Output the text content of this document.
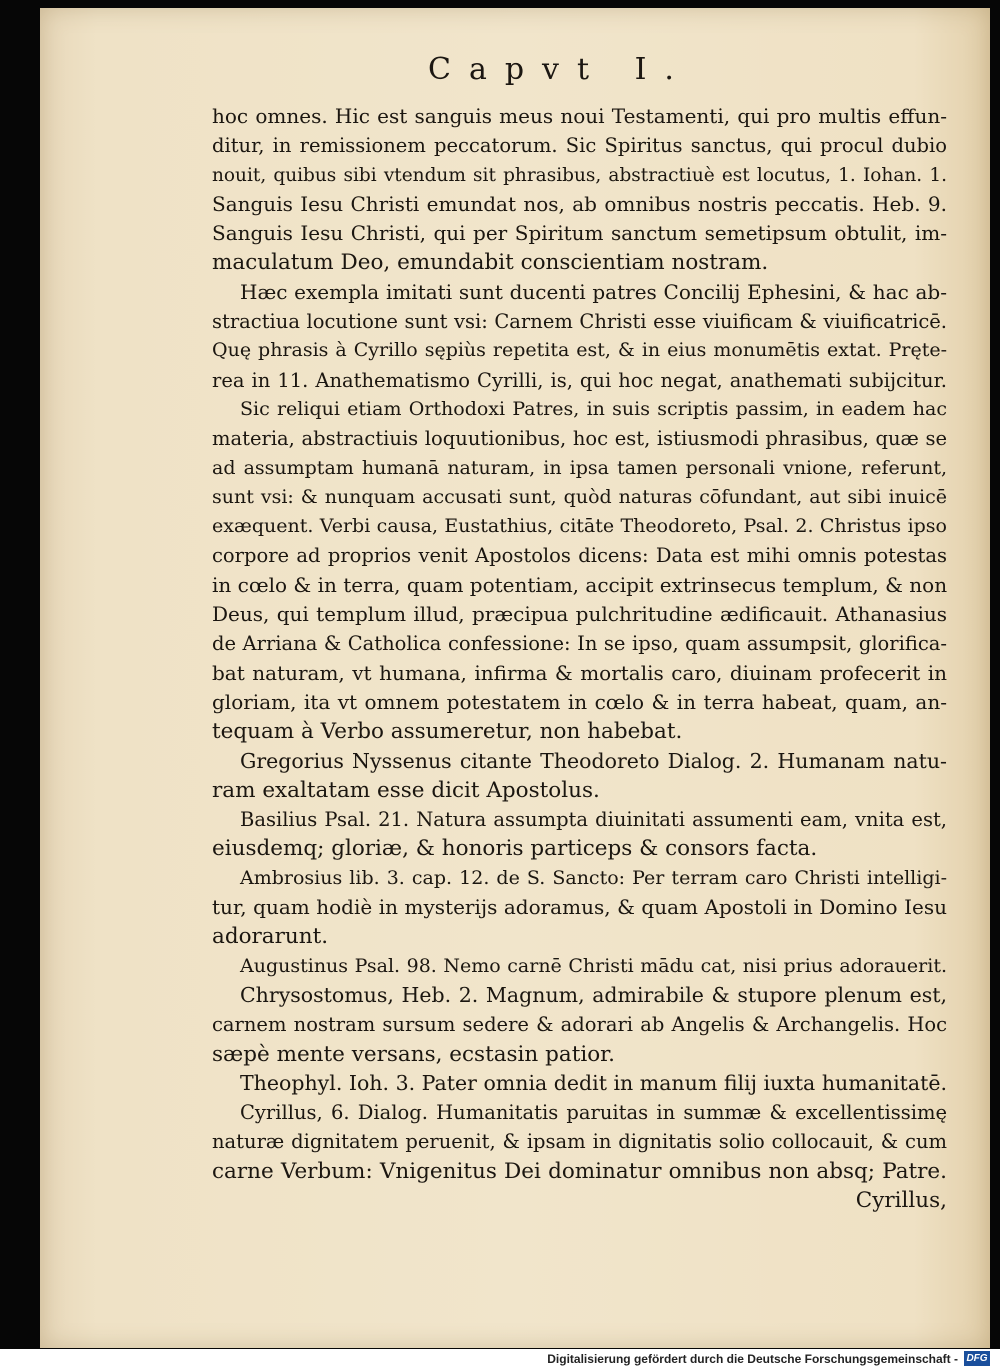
Capvt I.
hoc omnes. Hic est sanguis meus noui Testamenti, qui pro multis effun-
ditur, in remissionem peccatorum. Sic Spiritus sanctus, qui procul dubio
nouit, quibus sibi vtendum sit phrasibus, abstractiuè est locutus, 1. Iohan. 1.
Sanguis Iesu Christi emundat nos, ab omnibus nostris peccatis. Heb. 9.
Sanguis Iesu Christi, qui per Spiritum sanctum semetipsum obtulit, im-
maculatum Deo, emundabit conscientiam nostram.
Hæc exempla imitati sunt ducenti patres Concilij Ephesini, & hac ab-
stractiua locutione sunt vsi: Carnem Christi esse viuificam & viuificatricē.
Quę phrasis à Cyrillo sępiùs repetita est, & in eius monumētis extat. Pręte-
rea in 11. Anathematismo Cyrilli, is, qui hoc negat, anathemati subijcitur.
Sic reliqui etiam Orthodoxi Patres, in suis scriptis passim, in eadem hac
materia, abstractiuis loquutionibus, hoc est, istiusmodi phrasibus, quæ se
ad assumptam humanā naturam, in ipsa tamen personali vnione, referunt,
sunt vsi: & nunquam accusati sunt, quòd naturas cōfundant, aut sibi inuicē
exæquent. Verbi causa, Eustathius, citāte Theodoreto, Psal. 2. Christus ipso
corpore ad proprios venit Apostolos dicens: Data est mihi omnis potestas
in cœlo & in terra, quam potentiam, accipit extrinsecus templum, & non
Deus, qui templum illud, præcipua pulchritudine ædificauit. Athanasius
de Arriana & Catholica confessione: In se ipso, quam assumpsit, glorifica-
bat naturam, vt humana, infirma & mortalis caro, diuinam profecerit in
gloriam, ita vt omnem potestatem in cœlo & in terra habeat, quam, an-
tequam à Verbo assumeretur, non habebat.
Gregorius Nyssenus citante Theodoreto Dialog. 2. Humanam natu-
ram exaltatam esse dicit Apostolus.
Basilius Psal. 21. Natura assumpta diuinitati assumenti eam, vnita est,
eiusdemq; gloriæ, & honoris particeps & consors facta.
Ambrosius lib. 3. cap. 12. de S. Sancto: Per terram caro Christi intelligi-
tur, quam hodiè in mysterijs adoramus, & quam Apostoli in Domino Iesu
adorarunt.
Augustinus Psal. 98. Nemo carnē Christi mādu cat, nisi prius adorauerit.
Chrysostomus, Heb. 2. Magnum, admirabile & stupore plenum est,
carnem nostram sursum sedere & adorari ab Angelis & Archangelis. Hoc
sæpè mente versans, ecstasin patior.
Theophyl. Ioh. 3. Pater omnia dedit in manum filij iuxta humanitatē.
Cyrillus, 6. Dialog. Humanitatis paruitas in summæ & excellentissimę
naturæ dignitatem peruenit, & ipsam in dignitatis solio collocauit, & cum
carne Verbum: Vnigenitus Dei dominatur omnibus non absq; Patre.
Cyrillus,
Digitalisierung gefördert durch die Deutsche Forschungsgemeinschaft - DFG
